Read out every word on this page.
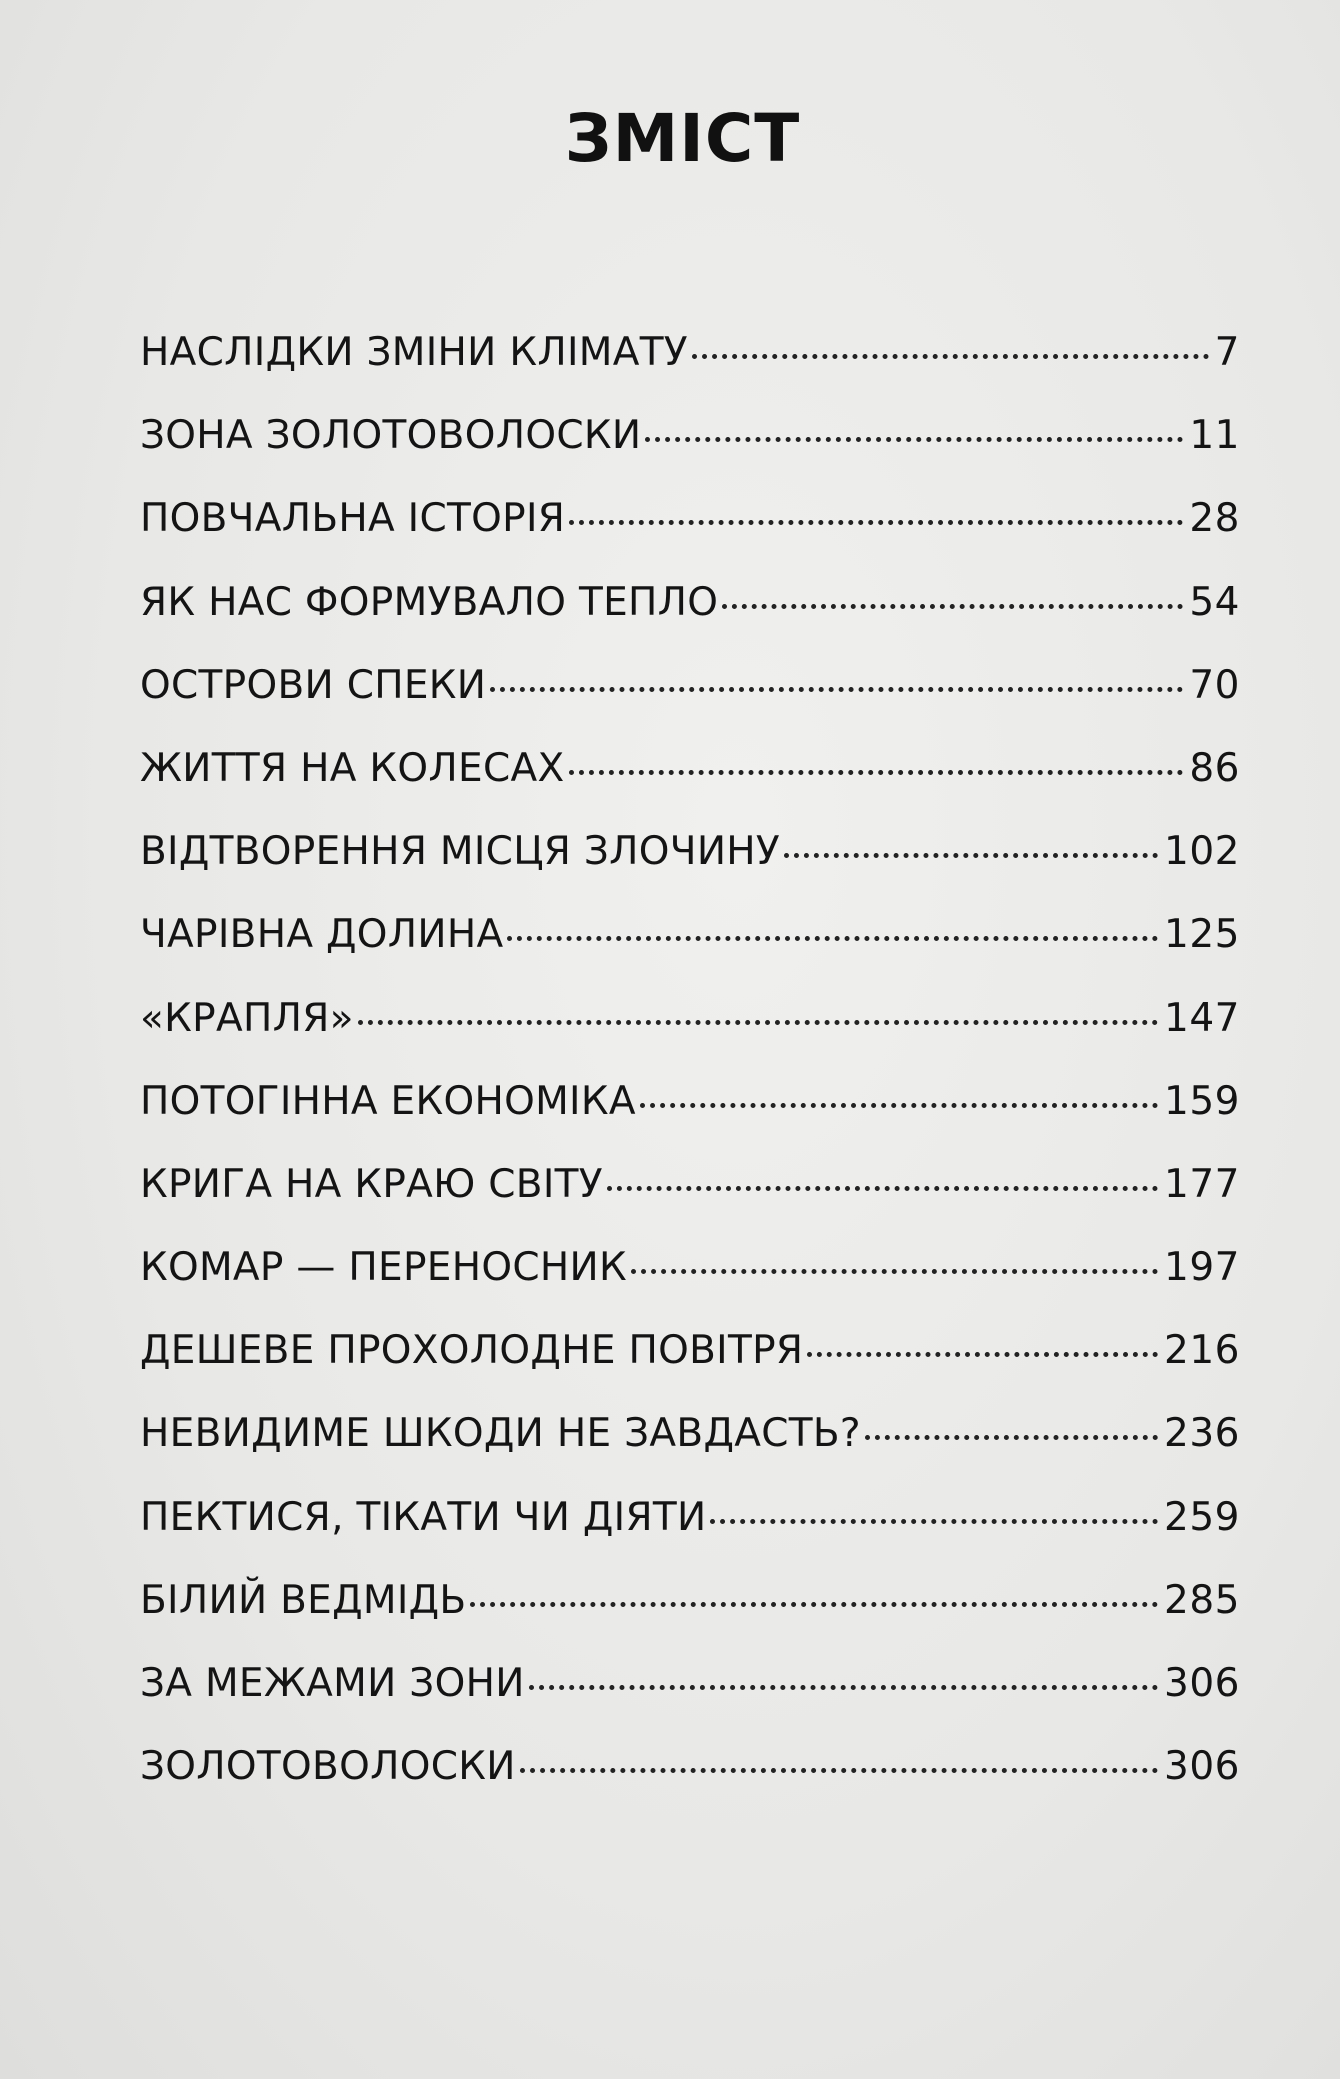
ЗМІСТ
НАСЛІДКИ ЗМІНИ КЛІМАТУ	7
ЗОНА ЗОЛОТОВОЛОСКИ	11
ПОВЧАЛЬНА ІСТОРІЯ	28
ЯК НАС ФОРМУВАЛО ТЕПЛО	54
ОСТРОВИ СПЕКИ	70
ЖИТТЯ НА КОЛЕСАХ	86
ВІДТВОРЕННЯ МІСЦЯ ЗЛОЧИНУ	102
ЧАРІВНА ДОЛИНА	125
«КРАПЛЯ»	147
ПОТОГІННА ЕКОНОМІКА	159
КРИГА НА КРАЮ СВІТУ	177
КОМАР — ПЕРЕНОСНИК	197
ДЕШЕВЕ ПРОХОЛОДНЕ ПОВІТРЯ	216
НЕВИДИМЕ ШКОДИ НЕ ЗАВДАСТЬ?	236
ПЕКТИСЯ, ТІКАТИ ЧИ ДІЯТИ	259
БІЛИЙ ВЕДМІДЬ	285
ЗА МЕЖАМИ ЗОНИ	306
ЗОЛОТОВОЛОСКИ	306
